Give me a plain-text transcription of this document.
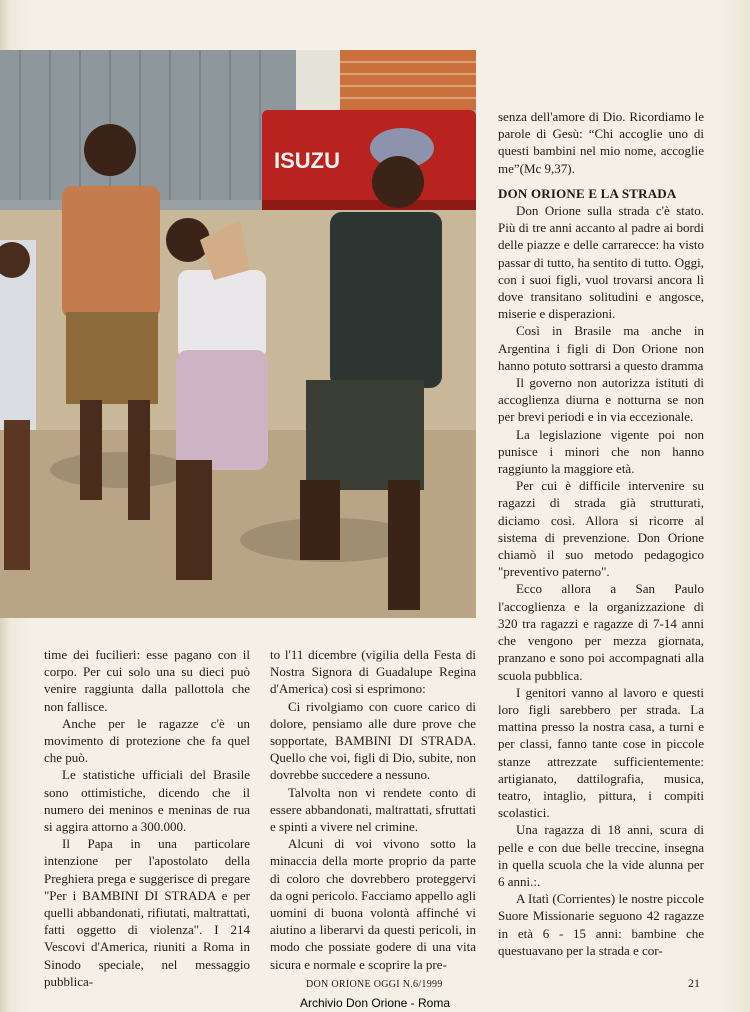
ISUZU

senza dell'amore di Dio. Ricordiamo le parole di Gesù: “Chi accoglie uno di questi bambini nel mio nome, accoglie me”(Mc 9,37).

DON ORIONE E LA STRADA

Don Orione sulla strada c'è stato. Più di tre anni accanto al padre ai bordi delle piazze e delle carrarecce: ha visto passar di tutto, ha sentito di tutto. Oggi, con i suoi figli, vuol trovarsi ancora lì dove transitano solitudini e angosce, miserie e disperazioni.

Così in Brasile ma anche in Argentina i figli di Don Orione non hanno potuto sottrarsi a questo dramma

Il governo non autorizza istituti di accoglienza diurna e notturna se non per brevi periodi e in via eccezionale.

La legislazione vigente poi non punisce i minori che non hanno raggiunto la maggiore età.

Per cui è difficile intervenire su ragazzi di strada già strutturati, diciamo così. Allora si ricorre al sistema di prevenzione. Don Orione chiamò il suo metodo pedagogico "preventivo paterno".

Ecco allora a San Paulo l'accoglienza e la organizzazione di 320 tra ragazzi e ragazze di 7-14 anni che vengono per mezza giornata, pranzano e sono poi accompagnati alla scuola pubblica.

I genitori vanno al lavoro e questi loro figli sarebbero per strada. La mattina presso la nostra casa, a turni e per classi, fanno tante cose in piccole stanze attrezzate sufficientemente: artigianato, dattilografia, musica, teatro, intaglio, pittura, i compiti scolastici.

Una ragazza di 18 anni, scura di pelle e con due belle treccine, insegna in quella scuola che la vide alunna per 6 anni.:.

A Itatì (Corrientes) le nostre piccole Suore Missionarie seguono 42 ragazze in età 6 - 15 anni: bambine che questuavano per la strada e cor-

time dei fucilieri: esse pagano con il corpo. Per cui solo una su dieci può venire raggiunta dalla pallottola che non fallisce.

Anche per le ragazze c'è un movimento di protezione che fa quel che può.

Le statistiche ufficiali del Brasile sono ottimistiche, dicendo che il numero dei meninos e meninas de rua si aggira attorno a 300.000.

Il Papa in una particolare intenzione per l'apostolato della Preghiera prega e suggerisce di pregare "Per i BAMBINI DI STRADA e per quelli abbandonati, rifiutati, maltrattati, fatti oggetto di violenza". I 214 Vescovi d'America, riuniti a Roma in Sinodo speciale, nel messaggio pubblica-

to l'11 dicembre (vigilia della Festa di Nostra Signora di Guadalupe Regina d'America) così si esprimono:

Ci rivolgiamo con cuore carico di dolore, pensiamo alle dure prove che sopportate, BAMBINI DI STRADA. Quello che voi, figli di Dio, subite, non dovrebbe succedere a nessuno.

Talvolta non vi rendete conto di essere abbandonati, maltrattati, sfruttati e spinti a vivere nel crimine.

Alcuni di voi vivono sotto la minaccia della morte proprio da parte di coloro che dovrebbero proteggervi da ogni pericolo. Facciamo appello agli uomini di buona volontà affinché vi aiutino a liberarvi da questi pericoli, in modo che possiate godere di una vita sicura e normale e scoprire la pre-

DON ORIONE OGGI N.6/1999	21
Archivio Don Orione - Roma
